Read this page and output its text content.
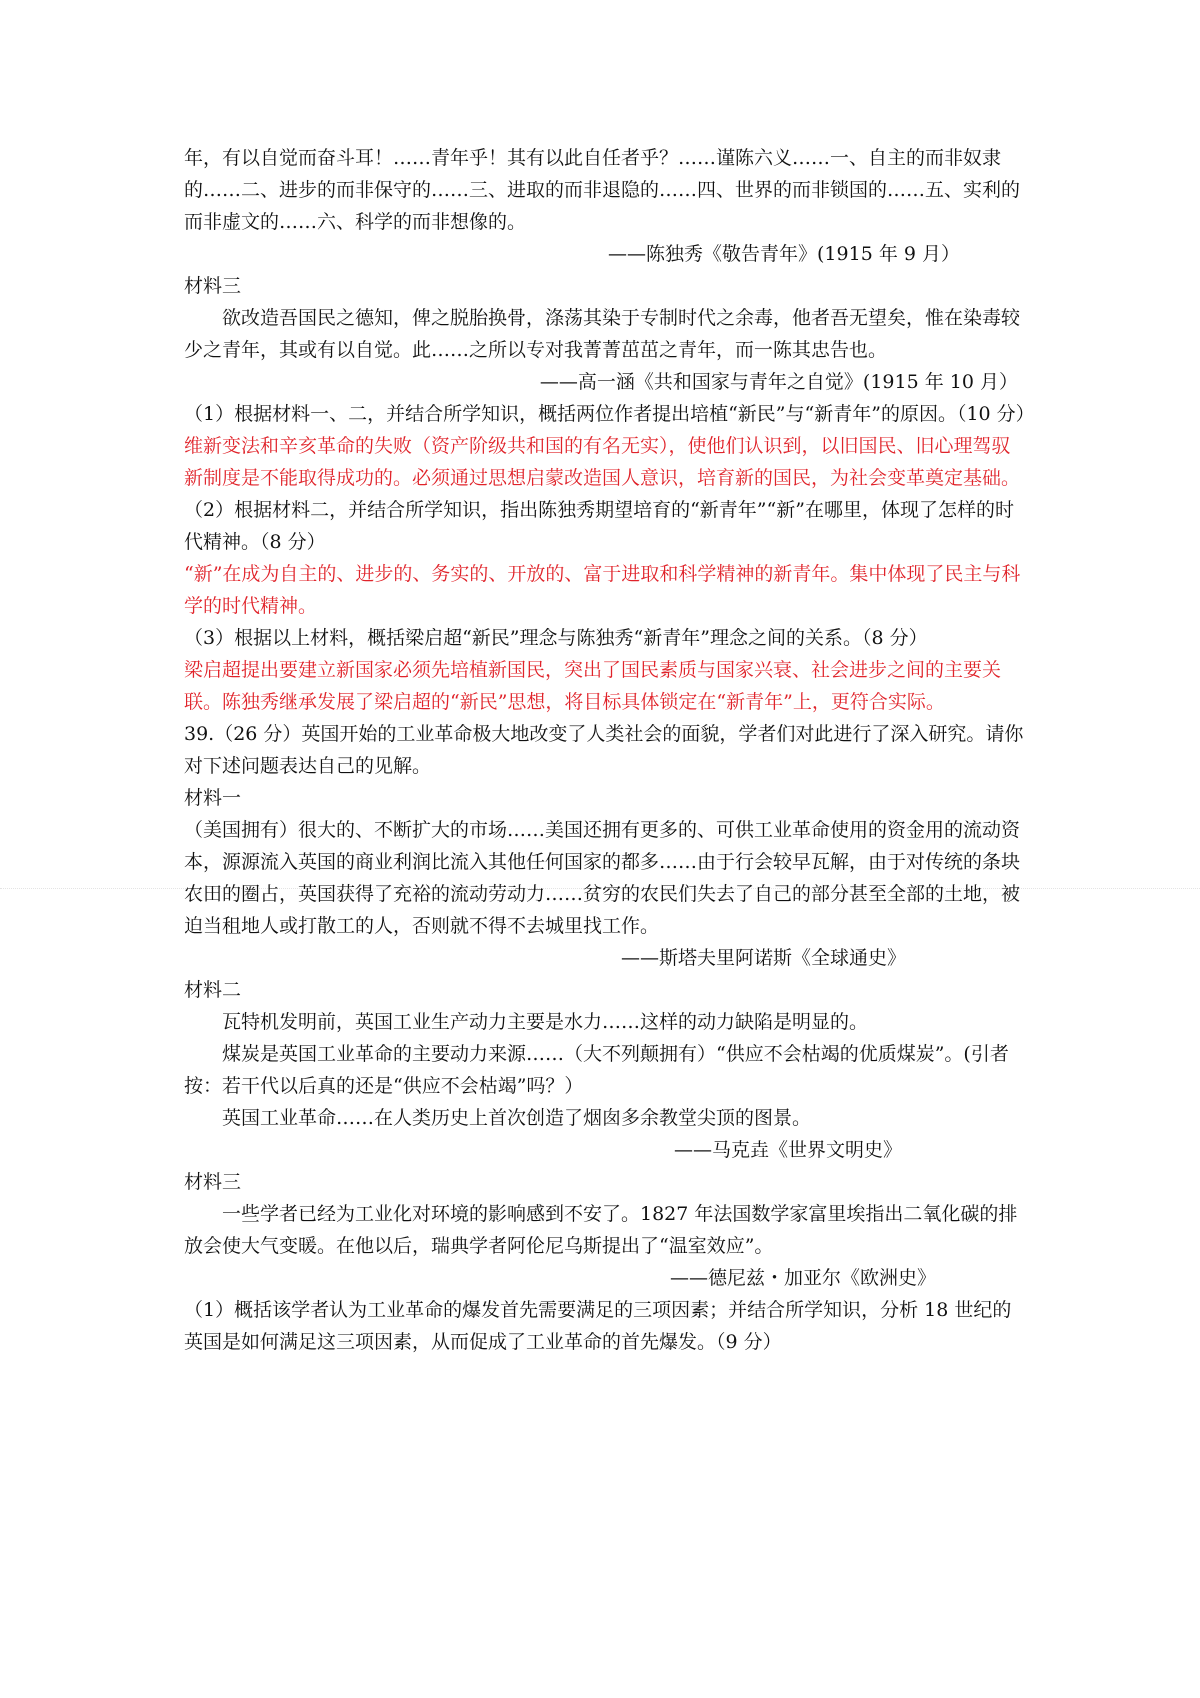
年，有以自觉而奋斗耳！……青年乎！其有以此自任者乎？……谨陈六义……一、自主的而非奴隶的……二、进步的而非保守的……三、进取的而非退隐的……四、世界的而非锁国的……五、实利的而非虚文的……六、科学的而非想像的。

——陈独秀《敬告青年》(1915 年 9 月）

材料三

欲改造吾国民之德知，俾之脱胎换骨，涤荡其染于专制时代之余毒，他者吾无望矣，惟在染毒较少之青年，其或有以自觉。此……之所以专对我菁菁茁茁之青年，而一陈其忠告也。

——高一涵《共和国家与青年之自觉》(1915 年 10 月）

（1）根据材料一、二，并结合所学知识，概括两位作者提出培植“新民”与“新青年”的原因。（10 分）

维新变法和辛亥革命的失败（资产阶级共和国的有名无实），使他们认识到，以旧国民、旧心理驾驭新制度是不能取得成功的。必须通过思想启蒙改造国人意识，培育新的国民，为社会变革奠定基础。

（2）根据材料二，并结合所学知识，指出陈独秀期望培育的“新青年”“新”在哪里，体现了怎样的时代精神。（8 分）

“新”在成为自主的、进步的、务实的、开放的、富于进取和科学精神的新青年。集中体现了民主与科学的时代精神。

（3）根据以上材料，概括梁启超“新民”理念与陈独秀“新青年”理念之间的关系。（8 分）

梁启超提出要建立新国家必须先培植新国民，突出了国民素质与国家兴衰、社会进步之间的主要关联。陈独秀继承发展了梁启超的“新民”思想，将目标具体锁定在“新青年”上，更符合实际。

39.（26 分）英国开始的工业革命极大地改变了人类社会的面貌，学者们对此进行了深入研究。请你对下述问题表达自己的见解。

材料一

（美国拥有）很大的、不断扩大的市场……美国还拥有更多的、可供工业革命使用的资金用的流动资本，源源流入英国的商业利润比流入其他任何国家的都多……由于行会较早瓦解，由于对传统的条块农田的圈占，英国获得了充裕的流动劳动力……贫穷的农民们失去了自己的部分甚至全部的土地，被迫当租地人或打散工的人，否则就不得不去城里找工作。

——斯塔夫里阿诺斯《全球通史》

材料二

瓦特机发明前，英国工业生产动力主要是水力……这样的动力缺陷是明显的。

煤炭是英国工业革命的主要动力来源……（大不列颠拥有）“供应不会枯竭的优质煤炭”。(引者按：若干代以后真的还是“供应不会枯竭”吗？）

英国工业革命……在人类历史上首次创造了烟囱多余教堂尖顶的图景。

——马克垚《世界文明史》

材料三

一些学者已经为工业化对环境的影响感到不安了。1827 年法国数学家富里埃指出二氧化碳的排放会使大气变暖。在他以后，瑞典学者阿伦尼乌斯提出了“温室效应”。

——德尼兹・加亚尔《欧洲史》

（1）概括该学者认为工业革命的爆发首先需要满足的三项因素；并结合所学知识，分析 18 世纪的英国是如何满足这三项因素，从而促成了工业革命的首先爆发。（9 分）
